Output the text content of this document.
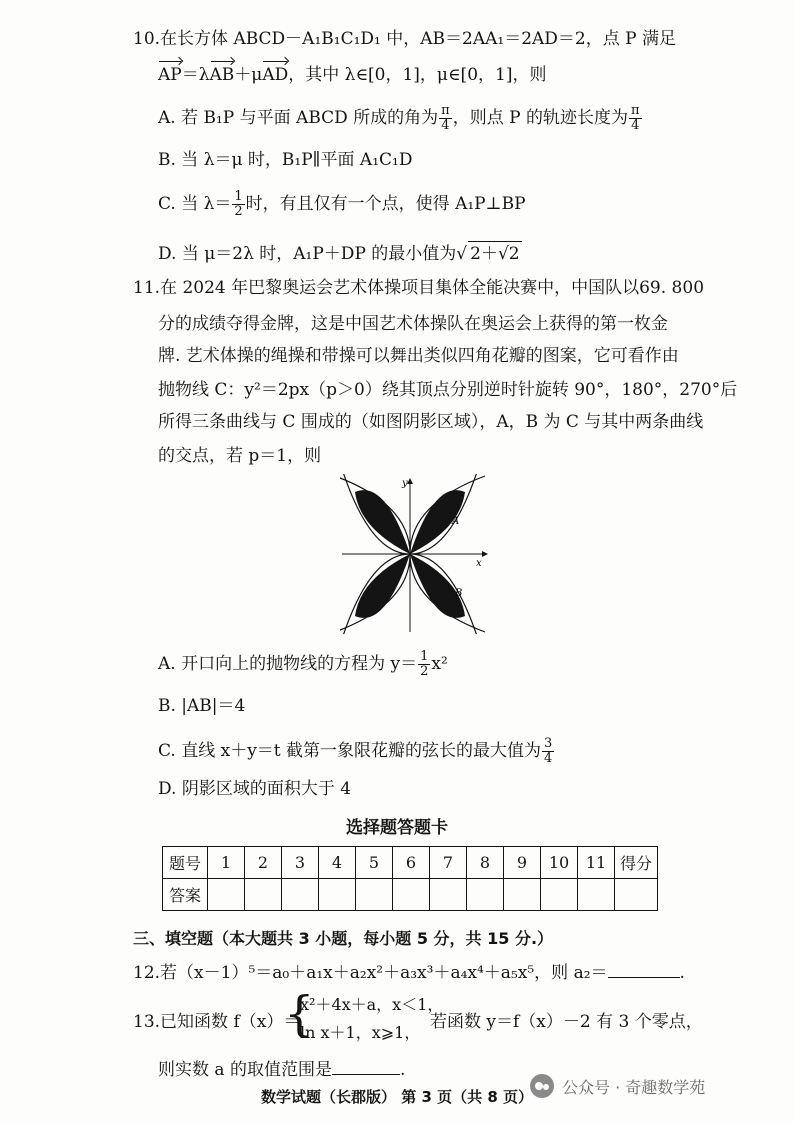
10.在长方体 ABCD－A₁B₁C₁D₁ 中，AB＝2AA₁＝2AD＝2，点 P 满足
AP＝λAB＋μAD，其中 λ∈[0，1]，μ∈[0，1]，则
A. 若 B₁P 与平面 ABCD 所成的角为 $\frac{\pi}{4}$ ，则点 P 的轨迹长度为 $\frac{\pi}{4}$
B. 当 λ＝μ 时，B₁P∥平面 A₁C₁D
C. 当 $\lambda= \frac{1}{2}$ 时，有且仅有一个点，使得 A₁P⊥BP
D. 当 μ＝2λ 时，A₁P＋DP 的最小值为√ 2＋√2
11.在 2024 年巴黎奥运会艺术体操项目集体全能决赛中，中国队以69. 800
分的成绩夺得金牌，这是中国艺术体操队在奥运会上获得的第一枚金
牌. 艺术体操的绳操和带操可以舞出类似四角花瓣的图案，它可看作由
抛物线 C：y²＝2px（p＞0）绕其顶点分别逆时针旋转 90°，180°，270°后
所得三条曲线与 C 围成的（如图阴影区域），A，B 为 C 与其中两条曲线
的交点，若 p＝1，则
y
x
A
B
A. 开口向上的抛物线的方程为 $y= \frac{1}{2} x^2$
B. |AB|＝4
C. 直线 x＋y＝t 截第一象限花瓣的弦长的最大值为 $\frac{3}{4}$
D. 阴影区域的面积大于 4
选择题答题卡
题号	1	2	3	4	5	6	7	8	9	10	11	得分
答案												
三、填空题（本大题共 3 小题，每小题 5 分，共 15 分.）
12.若（x－1）⁵＝a₀＋a₁x＋a₂x²＋a₃x³＋a₄x⁴＋a₅x⁵，则 a₂＝	.
13.已知函数 f（x）＝
{
x²＋4x＋a，x＜1，
ln x＋1，x⩾1，
若函数 y＝f（x）－2 有 3 个零点，
则实数 a 的取值范围是	.
公众号 · 奇趣数学苑
数学试题（长郡版） 第 3 页（共 8 页）
